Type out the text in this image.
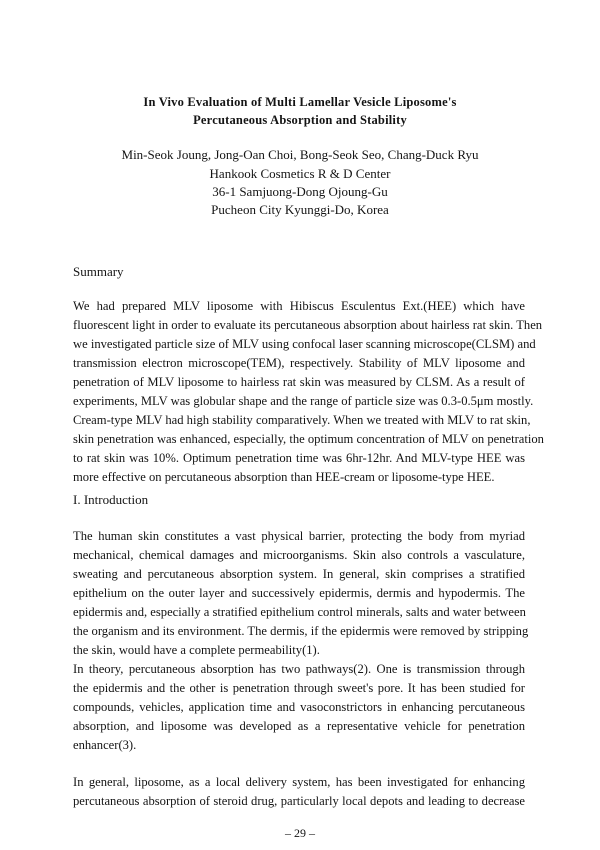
In Vivo Evaluation of Multi Lamellar Vesicle Liposome's
Percutaneous Absorption and Stability
Min-Seok Joung, Jong-Oan Choi, Bong-Seok Seo, Chang-Duck Ryu
Hankook Cosmetics R & D Center
36-1 Samjuong-Dong Ojoung-Gu
Pucheon City Kyunggi-Do, Korea
Summary
We had prepared MLV liposome with Hibiscus Esculentus Ext.(HEE) which have
fluorescent light in order to evaluate its percutaneous absorption about hairless rat skin. Then
we investigated particle size of MLV using confocal laser scanning microscope(CLSM) and
transmission electron microscope(TEM), respectively. Stability of MLV liposome and
penetration of MLV liposome to hairless rat skin was measured by CLSM. As a result of
experiments, MLV was globular shape and the range of particle size was 0.3-0.5μm mostly.
Cream-type MLV had high stability comparatively. When we treated with MLV to rat skin,
skin penetration was enhanced, especially, the optimum concentration of MLV on penetration
to rat skin was 10%. Optimum penetration time was 6hr-12hr. And MLV-type HEE was
more effective on percutaneous absorption than HEE-cream or liposome-type HEE.
I. Introduction
The human skin constitutes a vast physical barrier, protecting the body from myriad
mechanical, chemical damages and microorganisms. Skin also controls a vasculature,
sweating and percutaneous absorption system. In general, skin comprises a stratified
epithelium on the outer layer and successively epidermis, dermis and hypodermis. The
epidermis and, especially a stratified epithelium control minerals, salts and water between
the organism and its environment. The dermis, if the epidermis were removed by stripping
the skin, would have a complete permeability(1).
In theory, percutaneous absorption has two pathways(2). One is transmission through
the epidermis and the other is penetration through sweet's pore. It has been studied for
compounds, vehicles, application time and vasoconstrictors in enhancing percutaneous
absorption, and liposome was developed as a representative vehicle for penetration
enhancer(3).
In general, liposome, as a local delivery system, has been investigated for enhancing
percutaneous absorption of steroid drug, particularly local depots and leading to decrease
– 29 –
